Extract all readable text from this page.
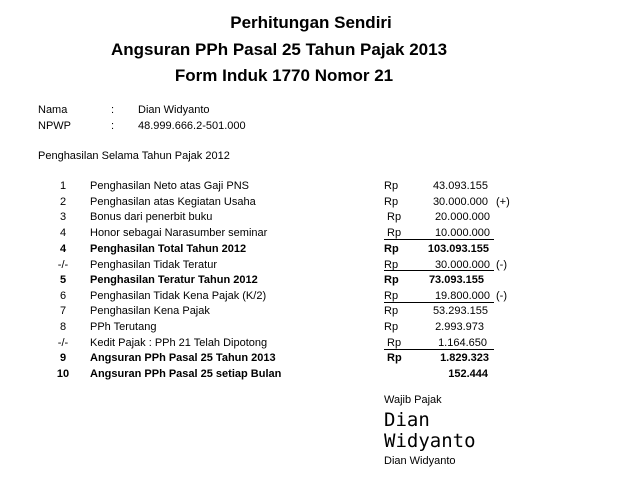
Perhitungan Sendiri
Angsuran PPh Pasal 25 Tahun Pajak 2013
Form Induk 1770 Nomor 21
Nama	: Dian Widyanto
NPWP	: 48.999.666.2-501.000
Penghasilan Selama Tahun Pajak 2012
1 Penghasilan Neto atas Gaji PNS	Rp	43.093.155
2 Penghasilan atas Kegiatan Usaha	Rp	30.000.000 (+)
3 Bonus dari penerbit buku	Rp	20.000.000
4 Honor sebagai Narasumber seminar	Rp	10.000.000
4 Penghasilan Total Tahun 2012	Rp	103.093.155
-/- Penghasilan Tidak Teratur	Rp	30.000.000 (-)
5 Penghasilan Teratur Tahun 2012	Rp	73.093.155
6 Penghasilan Tidak Kena Pajak (K/2)	Rp	19.800.000 (-)
7 Penghasilan Kena Pajak	Rp	53.293.155
8 PPh Terutang	Rp	2.993.973
-/- Kedit Pajak : PPh 21 Telah Dipotong	Rp	1.164.650
9 Angsuran PPh Pasal 25 Tahun 2013	Rp	1.829.323
10 Angsuran PPh Pasal 25 setiap Bulan	152.444
Wajib Pajak
Dian
Widyanto
Dian Widyanto
